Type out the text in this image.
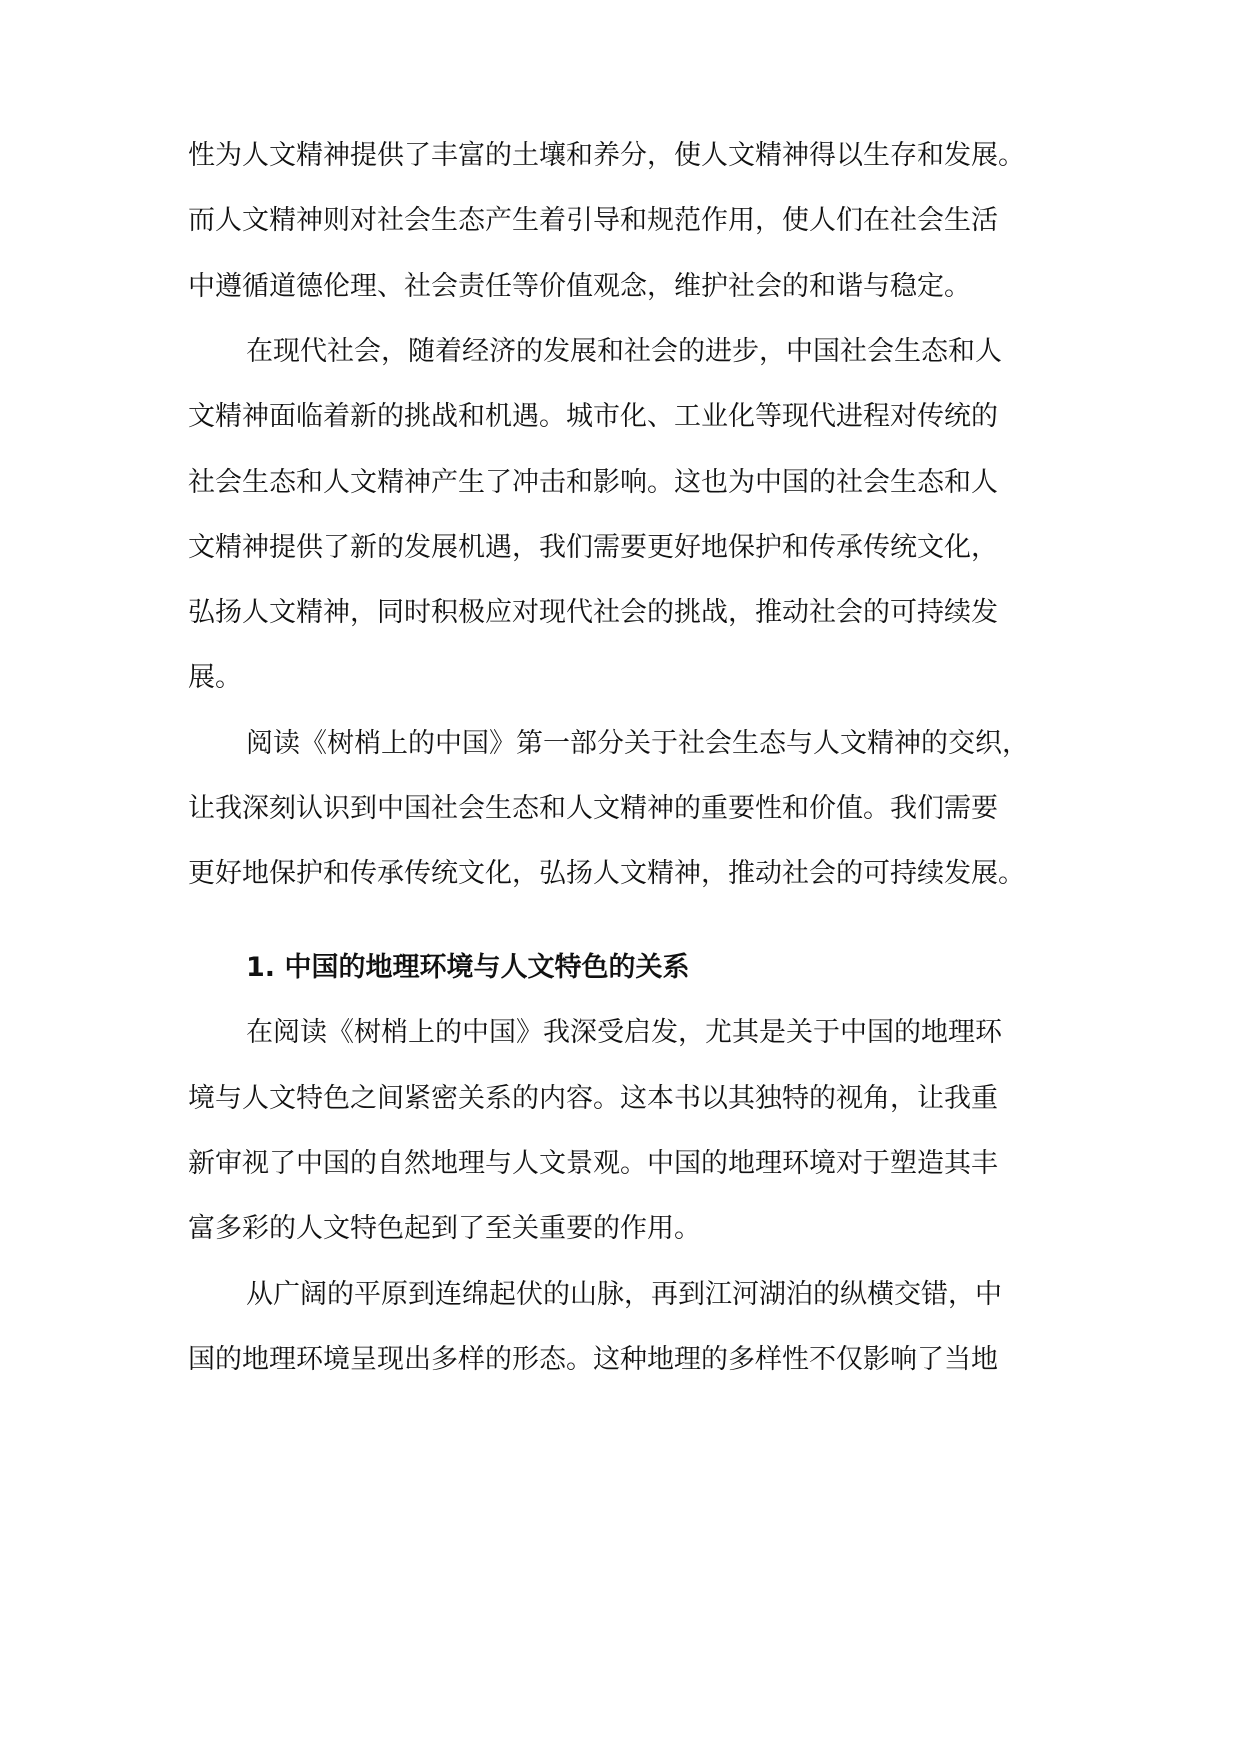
性为人文精神提供了丰富的土壤和养分，使人文精神得以生存和发展。
而人文精神则对社会生态产生着引导和规范作用，使人们在社会生活
中遵循道德伦理、社会责任等价值观念，维护社会的和谐与稳定。
在现代社会，随着经济的发展和社会的进步，中国社会生态和人
文精神面临着新的挑战和机遇。城市化、工业化等现代进程对传统的
社会生态和人文精神产生了冲击和影响。这也为中国的社会生态和人
文精神提供了新的发展机遇，我们需要更好地保护和传承传统文化，
弘扬人文精神，同时积极应对现代社会的挑战，推动社会的可持续发
展。
阅读《树梢上的中国》第一部分关于社会生态与人文精神的交织，
让我深刻认识到中国社会生态和人文精神的重要性和价值。我们需要
更好地保护和传承传统文化，弘扬人文精神，推动社会的可持续发展。
1. 中国的地理环境与人文特色的关系
在阅读《树梢上的中国》我深受启发，尤其是关于中国的地理环
境与人文特色之间紧密关系的内容。这本书以其独特的视角，让我重
新审视了中国的自然地理与人文景观。中国的地理环境对于塑造其丰
富多彩的人文特色起到了至关重要的作用。
从广阔的平原到连绵起伏的山脉，再到江河湖泊的纵横交错，中
国的地理环境呈现出多样的形态。这种地理的多样性不仅影响了当地
